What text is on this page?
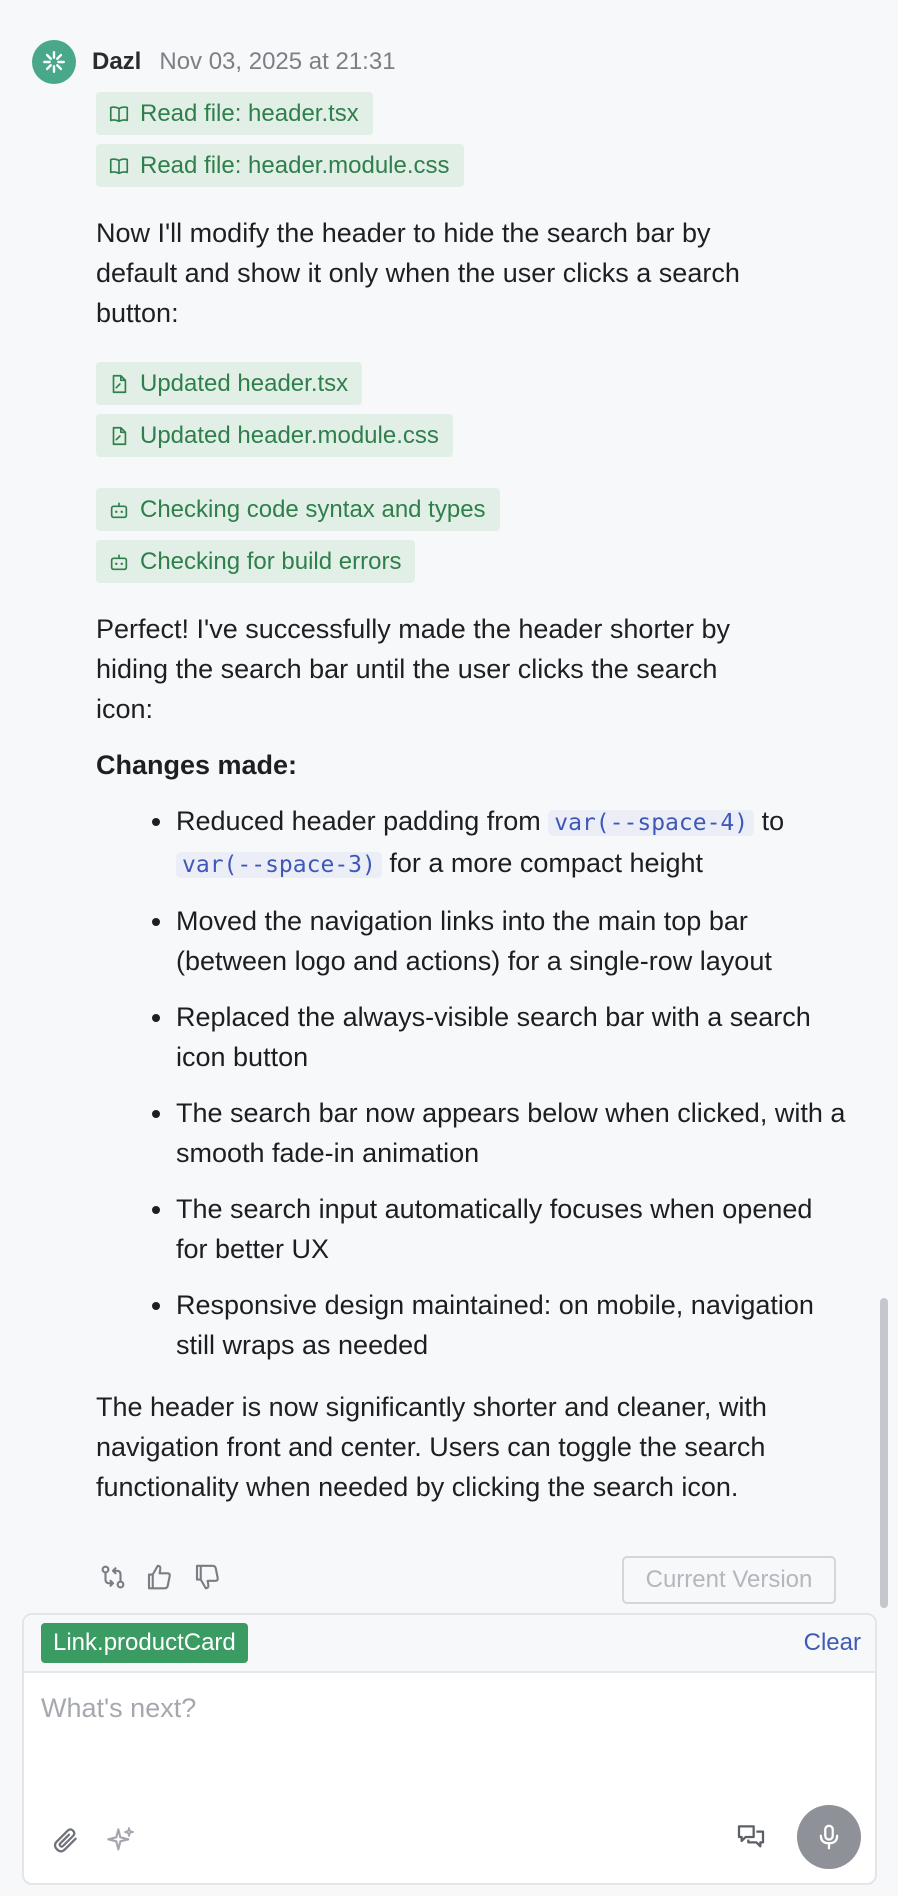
Dazl Nov 03, 2025 at 21:31
Read file: header.tsx
Read file: header.module.css

Now I'll modify the header to hide the search bar by default and show it only when the user clicks a search button:

Updated header.tsx
Updated header.module.css
Checking code syntax and types
Checking for build errors

Perfect! I've successfully made the header shorter by hiding the search bar until the user clicks the search icon:

Changes made:

Reduced header padding from var(--space-4) to var(--space-3) for a more compact height
Moved the navigation links into the main top bar (between logo and actions) for a single-row layout
Replaced the always-visible search bar with a search icon button
The search bar now appears below when clicked, with a smooth fade-in animation
The search input automatically focuses when opened for better UX
Responsive design maintained: on mobile, navigation still wraps as needed

The header is now significantly shorter and cleaner, with navigation front and center. Users can toggle the search functionality when needed by clicking the search icon.

Current Version
Link.productCard	Clear
What's next?
